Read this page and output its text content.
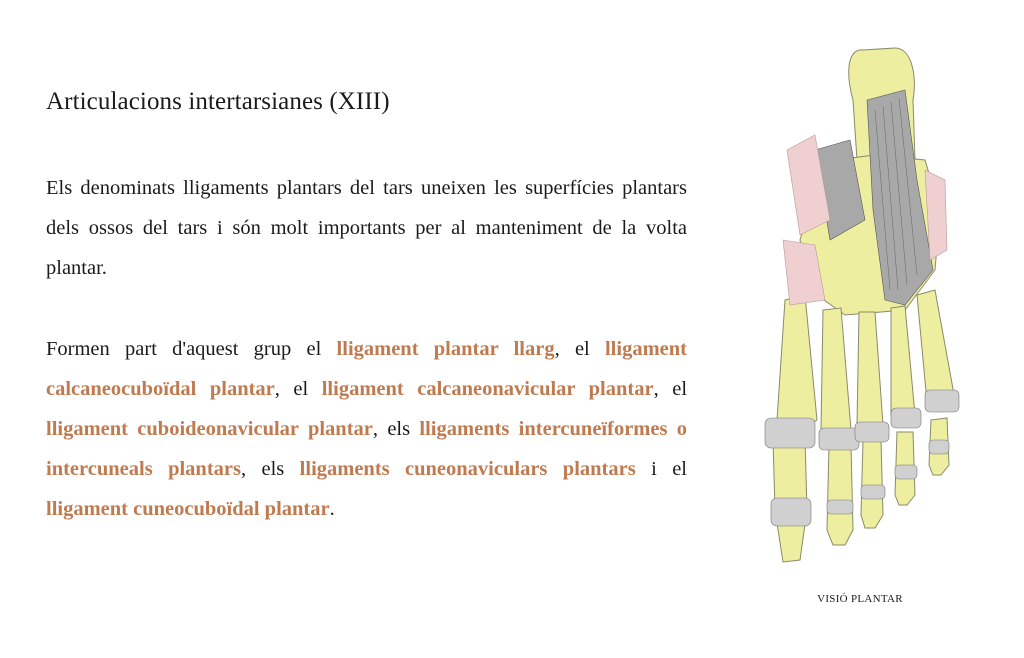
Articulacions intertarsianes (XIII)

Els denominats lligaments plantars del tars uneixen les superfícies plantars dels ossos del tars i són molt importants per al manteniment de la volta plantar.

Formen part d'aquest grup el lligament plantar llarg, el lligament calcaneocuboïdal plantar, el lligament calcaneonavicular plantar, el lligament cuboideonavicular plantar, els lligaments intercuneïformes o intercuneals plantars, els lligaments cuneonaviculars plantars i el lligament cuneocuboïdal plantar.

VISIÓ PLANTAR
